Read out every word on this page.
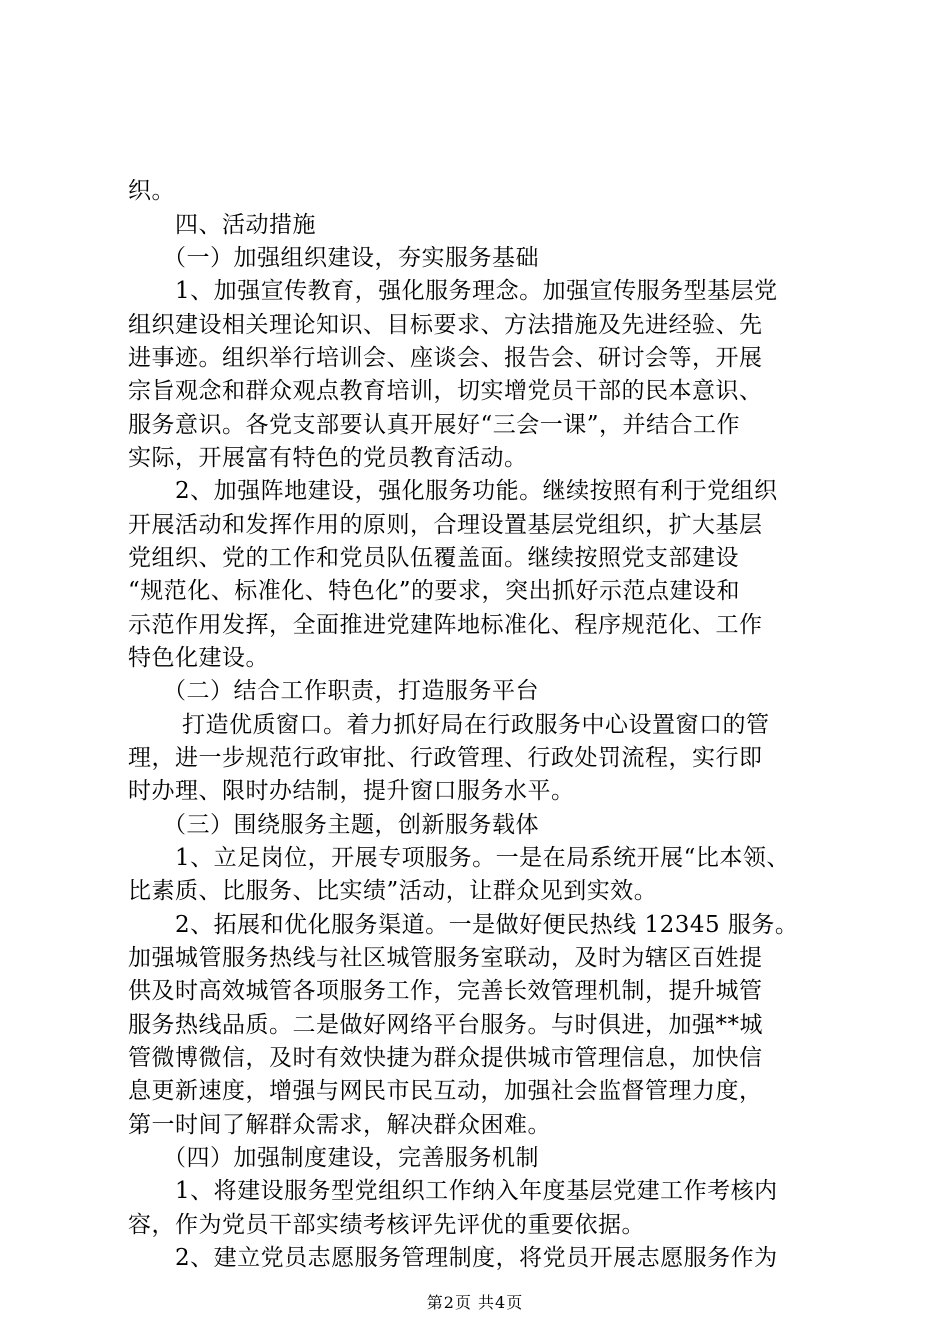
织。
四、活动措施
（一）加强组织建设，夯实服务基础
1、加强宣传教育，强化服务理念。加强宣传服务型基层党
组织建设相关理论知识、目标要求、方法措施及先进经验、先
进事迹。组织举行培训会、座谈会、报告会、研讨会等，开展
宗旨观念和群众观点教育培训，切实增党员干部的民本意识、
服务意识。各党支部要认真开展好“三会一课”，并结合工作
实际，开展富有特色的党员教育活动。
2、加强阵地建设，强化服务功能。继续按照有利于党组织
开展活动和发挥作用的原则，合理设置基层党组织，扩大基层
党组织、党的工作和党员队伍覆盖面。继续按照党支部建设
“规范化、标准化、特色化”的要求，突出抓好示范点建设和
示范作用发挥，全面推进党建阵地标准化、程序规范化、工作
特色化建设。
（二）结合工作职责，打造服务平台
打造优质窗口。着力抓好局在行政服务中心设置窗口的管
理，进一步规范行政审批、行政管理、行政处罚流程，实行即
时办理、限时办结制，提升窗口服务水平。
（三）围绕服务主题，创新服务载体
1、立足岗位，开展专项服务。一是在局系统开展“比本领、
比素质、比服务、比实绩”活动，让群众见到实效。
2、拓展和优化服务渠道。一是做好便民热线 12345 服务。
加强城管服务热线与社区城管服务室联动，及时为辖区百姓提
供及时高效城管各项服务工作，完善长效管理机制，提升城管
服务热线品质。二是做好网络平台服务。与时俱进，加强**城
管微博微信，及时有效快捷为群众提供城市管理信息，加快信
息更新速度，增强与网民市民互动，加强社会监督管理力度，
第一时间了解群众需求，解决群众困难。
（四）加强制度建设，完善服务机制
1、将建设服务型党组织工作纳入年度基层党建工作考核内
容，作为党员干部实绩考核评先评优的重要依据。
2、建立党员志愿服务管理制度，将党员开展志愿服务作为
第2页 共4页
